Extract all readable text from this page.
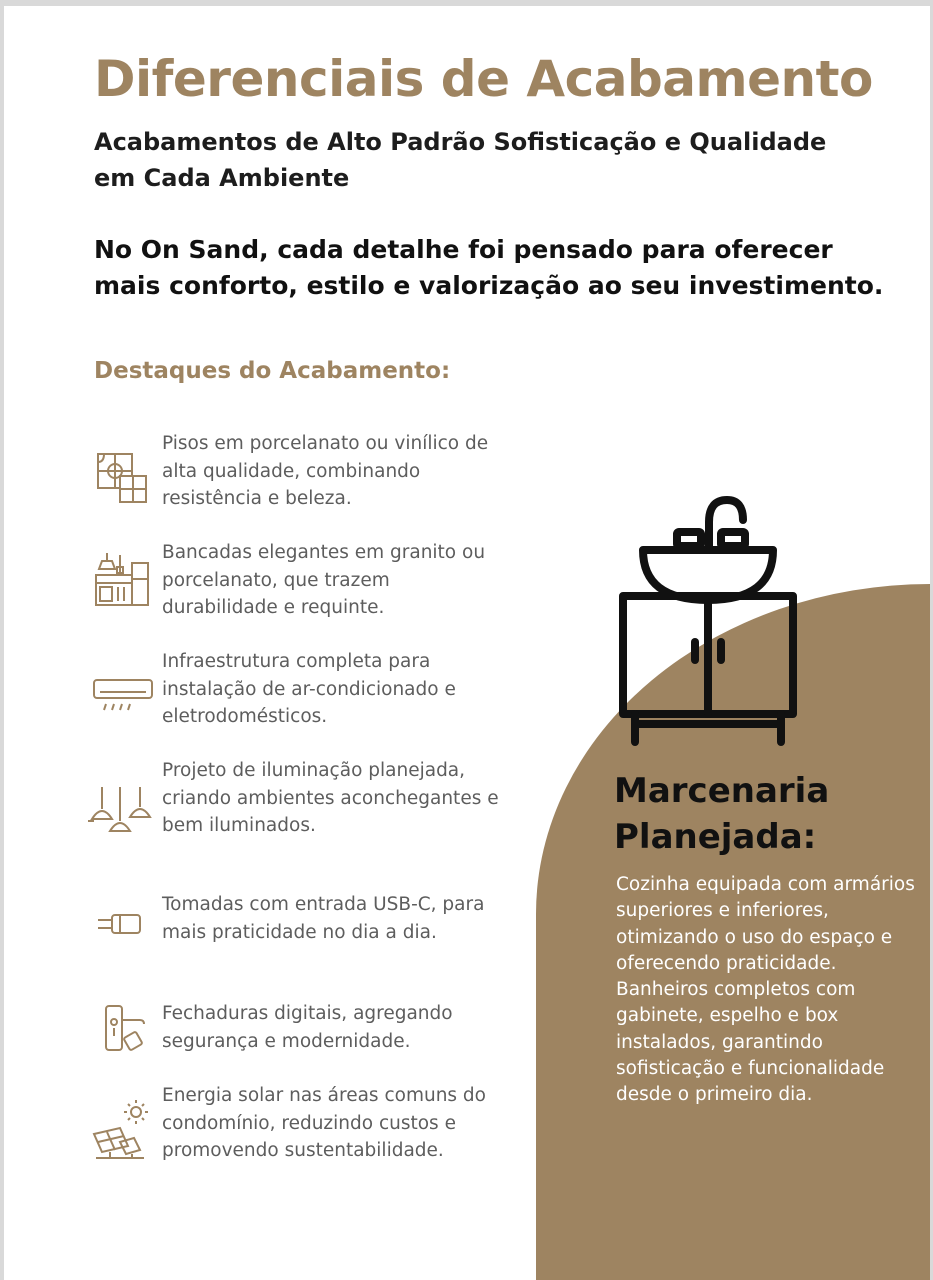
Diferenciais de Acabamento

Acabamentos de Alto Padrão Sofisticação e Qualidade em Cada Ambiente

No On Sand, cada detalhe foi pensado para oferecer mais conforto, estilo e valorização ao seu investimento.

Destaques do Acabamento:
Pisos em porcelanato ou vinílico de alta qualidade, combinando resistência e beleza.
Bancadas elegantes em granito ou porcelanato, que trazem durabilidade e requinte.
Infraestrutura completa para instalação de ar-condicionado e eletrodomésticos.
Projeto de iluminação planejada, criando ambientes aconchegantes e bem iluminados.
Tomadas com entrada USB-C, para mais praticidade no dia a dia.
Fechaduras digitais, agregando segurança e modernidade.
Energia solar nas áreas comuns do condomínio, reduzindo custos e promovendo sustentabilidade.
Marcenaria Planejada:

Cozinha equipada com armários superiores e inferiores, otimizando o uso do espaço e oferecendo praticidade. Banheiros completos com gabinete, espelho e box instalados, garantindo sofisticação e funcionalidade desde o primeiro dia.
